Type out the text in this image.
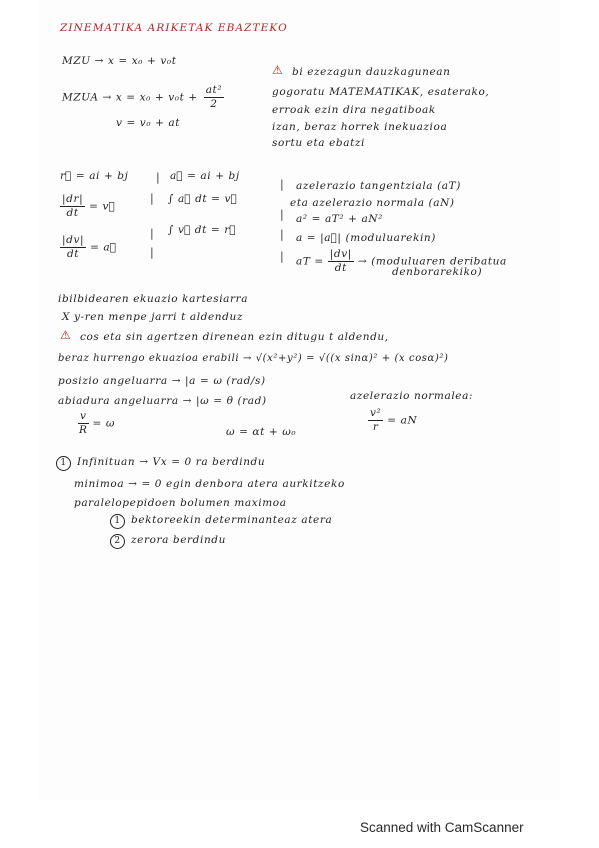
ZINEMATIKA ARIKETAK EBAZTEKO
MZU → x = x₀ + v₀t
MZUA → $x = x_0 + v_0t + \frac{\text{at²}}{2}$
v = v₀ + at
⚠ bi ezezagun dauzkagunean
gogoratu MATEMATIKAK, esaterako,
erroak ezin dira negatiboak
izan, beraz horrek inekuazioa
sortu eta ebatzi
r⃗ = ai + bj	| a⃗ = ai + bj
$\frac{|dr|}{dt}$ = v⃗
| ∫ a⃗ dt = v⃗
| ∫ v⃗ dt = r⃗
$\frac{|dv|}{dt}$ = a⃗	|
| azelerazio tangentziala (aT)
eta azelerazio normala (aN)
| a² = aT² + aN²
| a = |a⃗| (moduluarekin)
| aT = $\frac{|dv|}{dt}$ → (moduluaren deribatua
denborarekiko)
ibilbidearen ekuazio kartesiarra
X y-ren menpe jarri t aldenduz
⚠ cos eta sin agertzen direnean ezin ditugu t aldendu,
beraz hurrengo ekuazioa erabili → √(x²+y²) = √((x sinα)² + (x cosα)²)
posizio angeluarra → |a = ω (rad/s)
azelerazio normalea:
abiadura angeluarra → |ω = θ (rad)
$\frac{v}{R} = \omega$	$\frac{\text{v²}}{r}$ = aN
ω = αt + ω₀
1 Infinituan → Vx = 0 ra berdindu
minimoa → = 0 egin denbora atera aurkitzeko
paralelopepidoen bolumen maximoa
1 bektoreekin determinanteaz atera
2 zerora berdindu
Scanned with CamScanner
